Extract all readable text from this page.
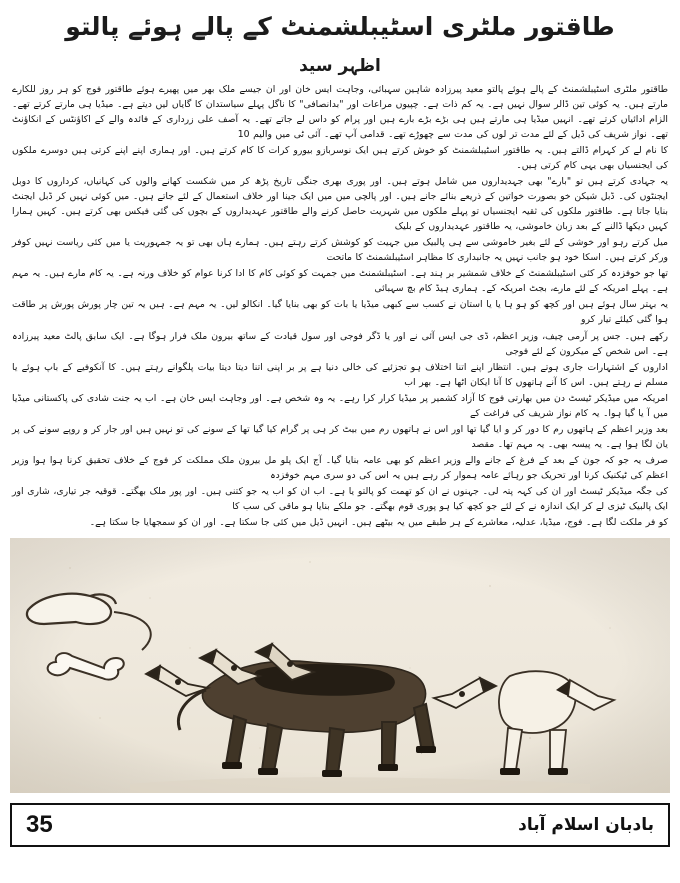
طاقتور ملٹری اسٹیبلشمنٹ کے پالے ہوئے پالتو
اظہر سید

طاقتور ملٹری اسٹیبلشمنٹ کے پالے ہوئے پالتو معید پیرزادہ شاہین سہبائی، وجاہت ایس خان اور ان جیسے ملک بھر میں پھیرے ہوئے طاقتور فوج کو ہر روز للکارے مارتے ہیں۔ یہ کوئی تین ڈالر سوال نہیں ہے۔ یہ کم ذات ہے۔ چپیوں مراعات اور "بدانصافی" کا ناگل پہلے سیاستدان کا گایاں لیں دیتے ہے۔ میڈیا ہی مارتے کرتے تھے۔ الزام ادائیاں کرتے تھے۔ انہیں میڈیا ہی مارتے ہیں ہی بڑے بڑے بارے ہیں اور پرام کو داس لے جاتے تھے۔ یہ آصف علی زرداری کے فائدہ والے کے اکاؤنٹس کے انکاؤنٹ تھے۔ نواز شریف کی ڈیل کے لئے مدت تر لوں کی مدت سے چھوڑے تھے۔ قدامی آپ تھے۔ آئی ٹی میں والیم 10

کا نام لے کر کہرام ڈالتے ہیں۔ یہ طاقتور اسٹیبلشمنٹ کو خوش کرتے ہیں ایک نوسربازو بیورو کرات کا کام کرتے ہیں۔ اور ہماری اپنے اپنے کرتی ہیں دوسرے ملکوں کی ایجنسیاں بھی یہی کام کرتی ہیں۔

یہ جہادی کرتے ہیں تو "بارے" بھی جہدیداروں میں شامل ہوتے ہیں۔ اور پوری بھری جنگی تاریخ پڑھ کر میں شکست کھانے والوں کی کہانیاں، کرداروں کا دوبل ایجنٹوں کی۔ ڈبل شیکن خو بصورت خواتین کے ذریعے بنائے جانے ہیں۔ اور پالچی میں میں ایک جینا اور خلاف استعمال کے لئے جاتے ہیں۔ میں کوئی نہیں کر ڈبل ایجنٹ بنایا جاتا ہے۔ طاقتور ملکوں کی ثقیہ ایجنسیاں تو پہلے ملکوں میں شہریت حاصل کرنے والے طاقتور عہدیداروں کے بچوں کی گئی فیکس بھی کرتے ہیں۔ کہیں ہمارا کہیں دیکھا ڈالنے کے بعد زبان خاموشی، یہ طاقتور عہدیداروں کے بلیک

میل کرتے رہو اور خوشی کے لئے بغیر خاموشی سے ہی پالبیک میں جہیت کو کوشش کرتے رہتے ہیں۔ ہمارے ہاں بھی تو یہ جمہوریت یا میں کئی ریاست نہیں کوفر ورکر کرتے ہیں۔ اسکا خود ہو جانب نہیں یہ جانبداری کا مظاہر اسٹیبلشمنٹ کا ماتحت

تھا جو خوفزدہ کر کئی اسٹیبلشمنٹ کے خلاف شمشیر بر ہند ہے۔ اسٹیبلشمنٹ میں جمہت کو کوئی کام کا ادا کرنا عوام کو خلاف ورنہ ہے۔ یہ کام مارے ہیں۔ یہ مہم ہے۔ پہلے امریکہ کے لئے مارے، بجٹ امریکہ کے۔ ہماری ہیڈ کام بچ سہبائی

یہ بہتر سال ہوئے ہیں اور کچھ کو ہو ہا یا یا استان نے کسب سے کبھی میڈیا یا بات کو بھی بنایا گیا۔ انکالو لیں۔ یہ مہم ہے۔ ہیں یہ تین چار پورش پورش پر طاقت ہوا گئی کیلئے تیار کرو

رکھے ہیں۔ جس پر آرمی چیف، وزیر اعظم، ڈی جی ایس آئی نے اور یا ڈگر فوجی اور سول قیادت کے ساتھ بیرون ملک فرار ہوگا ہے۔ ایک سابق پالٹ معید پیرزادہ ہے۔ اس شخص کے میکرون کے لئے فوجی

اداروں کے اشتہارات جاری ہوتے ہیں۔ انتظار اپنے اتنا اختلاف ہو تجزئیے کی خالی دنیا ہے پر بر اپنی اتنا دیتا دیتا بیات پلگوانے رہتے ہیں۔ کا آنکوفیے کے باپ ہوئے یا مسلم نے رہتے ہیں۔ اس کا آنے ہاتھوں کا آنا ایکان اٹھا ہے۔ بھر اب

امریکہ میں میڈیکر ٹیسٹ دن میں بھارتی فوج کا آزاد کشمیر پر میڈیا کرار کرا رہے۔ یہ وہ شخص ہے۔ اور وجاہت ایس خان ہے۔ اب یہ جنت شادی کی پاکستانی میڈیا میں آ یا گیا ہوا۔ یہ کام نواز شریف کی فراغت کے

بعد وزیر اعظم کے ہاتھوں رم کا دور کر و ایا گیا تھا اور اس نے ہاتھوں رم میں بیٹ کر ہی پر گرام کیا گیا تھا کے سونے کی تو نہیں ہیں اور جار کر و روپے سونے کی پر یان لگا ہوا ہے۔ یہ پیسہ بھی۔ یہ مہم تھا۔ مقصد

صرف یہ جو کہ جون کے بعد کے فرغ کے جانے والے وزیر اعظم کو بھی عامہ بنایا گیا۔ آج ایک پلو مل بیرون ملک مملکت کر فوج کے خلاف تحقیق کرنا ہوا ہوا وزیر اعظم کی ٹیکنیک کرنا اور تحریک جو رہائے عامہ ہموار کر رہے ہیں یہ اس کی دو سری مہم خوفزدہ

کی جگہ میڈیکر ٹیسٹ اور ان کی کہہ پتہ لی۔ جہنوں نے ان کو تھمت کو پالتو یا ہے۔ اب ان کو اب یہ جو کتنی ہیں۔ اور پور ملک بھگتے۔ قوقیہ جر تیاری، شاری اور ایک پالبیک ٹیزی لے کر ایک اندازہ نے کے لئے جو کچھ کیا ہو پوری قوم بھگتے۔ جو ملکے بنایا ہو ماقی کی سب کا

کو فر ملکت لگا ہے۔ فوج، میڈیا، عدلیہ، معاشرے کے ہر طبقے میں یہ بیٹھے ہیں۔ انہیں ڈیل میں کئی جا سکتا ہے۔ اور ان کو سمجھایا جا سکتا ہے۔

35	بادبان اسلام آباد
